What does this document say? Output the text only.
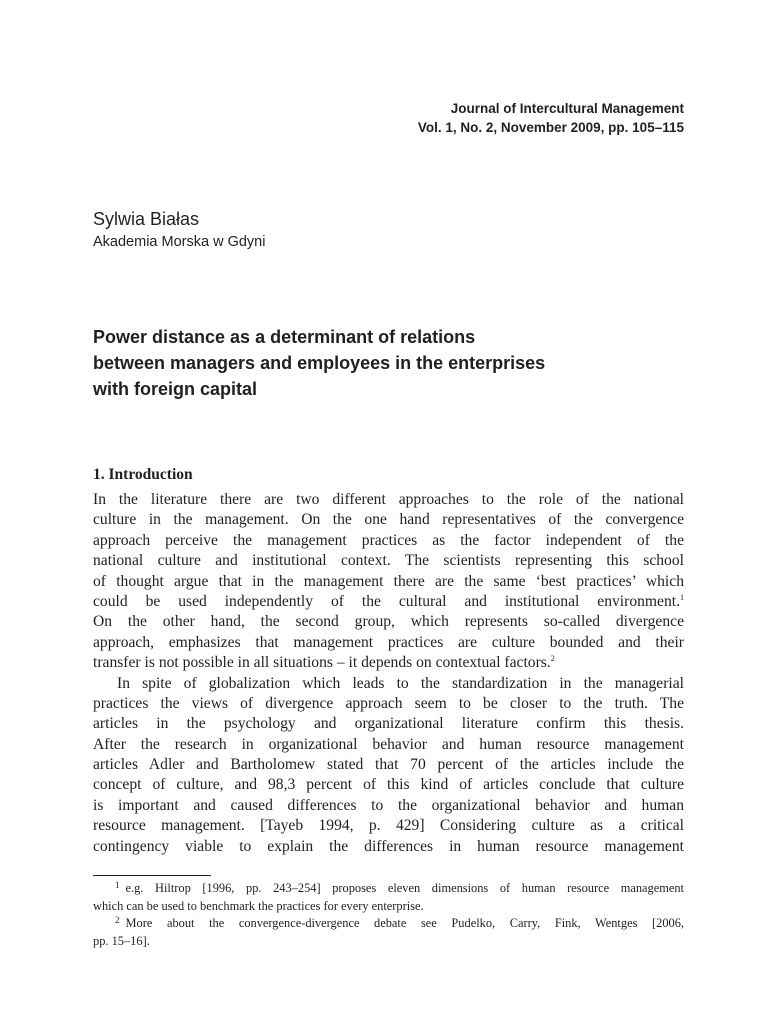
Journal of Intercultural Management
Vol. 1, No. 2, November 2009, pp. 105–115
Sylwia Białas
Akademia Morska w Gdyni
Power distance as a determinant of relations
between managers and employees in the enterprises
with foreign capital
1. Introduction
In the literature there are two different approaches to the role of the national
culture in the management. On the one hand representatives of the convergence
approach perceive the management practices as the factor independent of the
national culture and institutional context. The scientists representing this school
of thought argue that in the management there are the same ‘best practices’ which
could be used independently of the cultural and institutional environment.$^1$
On the other hand, the second group, which represents so-called divergence
approach, emphasizes that management practices are culture bounded and their
transfer is not possible in all situations – it depends on contextual factors.$^2$
In spite of globalization which leads to the standardization in the managerial
practices the views of divergence approach seem to be closer to the truth. The
articles in the psychology and organizational literature confirm this thesis.
After the research in organizational behavior and human resource management
articles Adler and Bartholomew stated that 70 percent of the articles include the
concept of culture, and 98,3 percent of this kind of articles conclude that culture
is important and caused differences to the organizational behavior and human
resource management. [Tayeb 1994, p. 429] Considering culture as a critical
contingency viable to explain the differences in human resource management
$^1$ e.g. Hiltrop [1996, pp. 243–254] proposes eleven dimensions of human resource management
which can be used to benchmark the practices for every enterprise.
$^2$ More about the convergence-divergence debate see Pudelko, Carry, Fink, Wentges [2006,
pp. 15–16].
